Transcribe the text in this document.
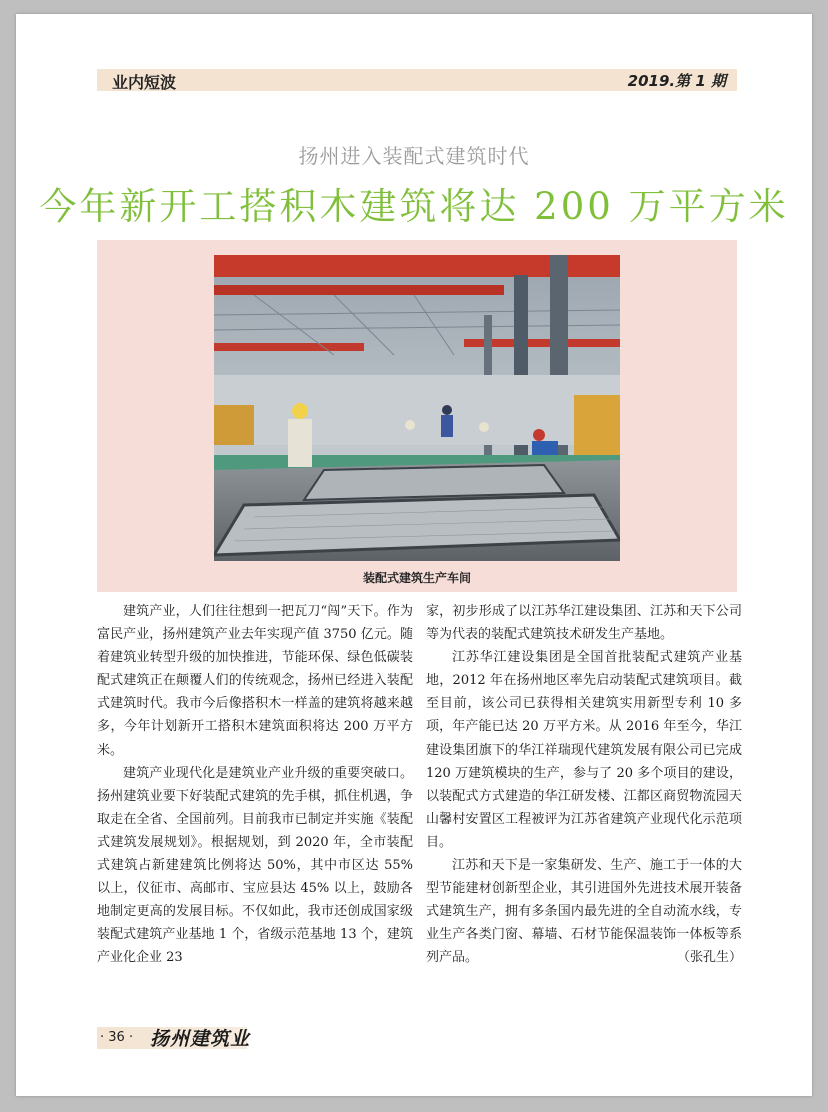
业内短波	2019.第 1 期
扬州进入装配式建筑时代
今年新开工搭积木建筑将达 200 万平方米
装配式建筑生产车间

建筑产业，人们往往想到一把瓦刀“闯”天下。作为富民产业，扬州建筑产业去年实现产值 3750 亿元。随着建筑业转型升级的加快推进，节能环保、绿色低碳装配式建筑正在颠覆人们的传统观念，扬州已经进入装配式建筑时代。我市今后像搭积木一样盖的建筑将越来越多，今年计划新开工搭积木建筑面积将达 200 万平方米。

建筑产业现代化是建筑业产业升级的重要突破口。扬州建筑业要下好装配式建筑的先手棋，抓住机遇，争取走在全省、全国前列。目前我市已制定并实施《装配式建筑发展规划》。根据规划，到 2020 年，全市装配式建筑占新建建筑比例将达 50%，其中市区达 55% 以上，仪征市、高邮市、宝应县达 45% 以上，鼓励各地制定更高的发展目标。不仅如此，我市还创成国家级装配式建筑产业基地 1 个，省级示范基地 13 个，建筑产业化企业 23

家，初步形成了以江苏华江建设集团、江苏和天下公司等为代表的装配式建筑技术研发生产基地。

江苏华江建设集团是全国首批装配式建筑产业基地，2012 年在扬州地区率先启动装配式建筑项目。截至目前，该公司已获得相关建筑实用新型专利 10 多项，年产能已达 20 万平方米。从 2016 年至今，华江建设集团旗下的华江祥瑞现代建筑发展有限公司已完成 120 万建筑模块的生产，参与了 20 多个项目的建设，以装配式方式建造的华江研发楼、江都区商贸物流园天山馨村安置区工程被评为江苏省建筑产业现代化示范项目。

江苏和天下是一家集研发、生产、施工于一体的大型节能建材创新型企业，其引进国外先进技术展开装备式建筑生产，拥有多条国内最先进的全自动流水线，专业生产各类门窗、幕墙、石材节能保温装饰一体板等系列产品。	（张孔生）

· 36 · 扬州建筑业
